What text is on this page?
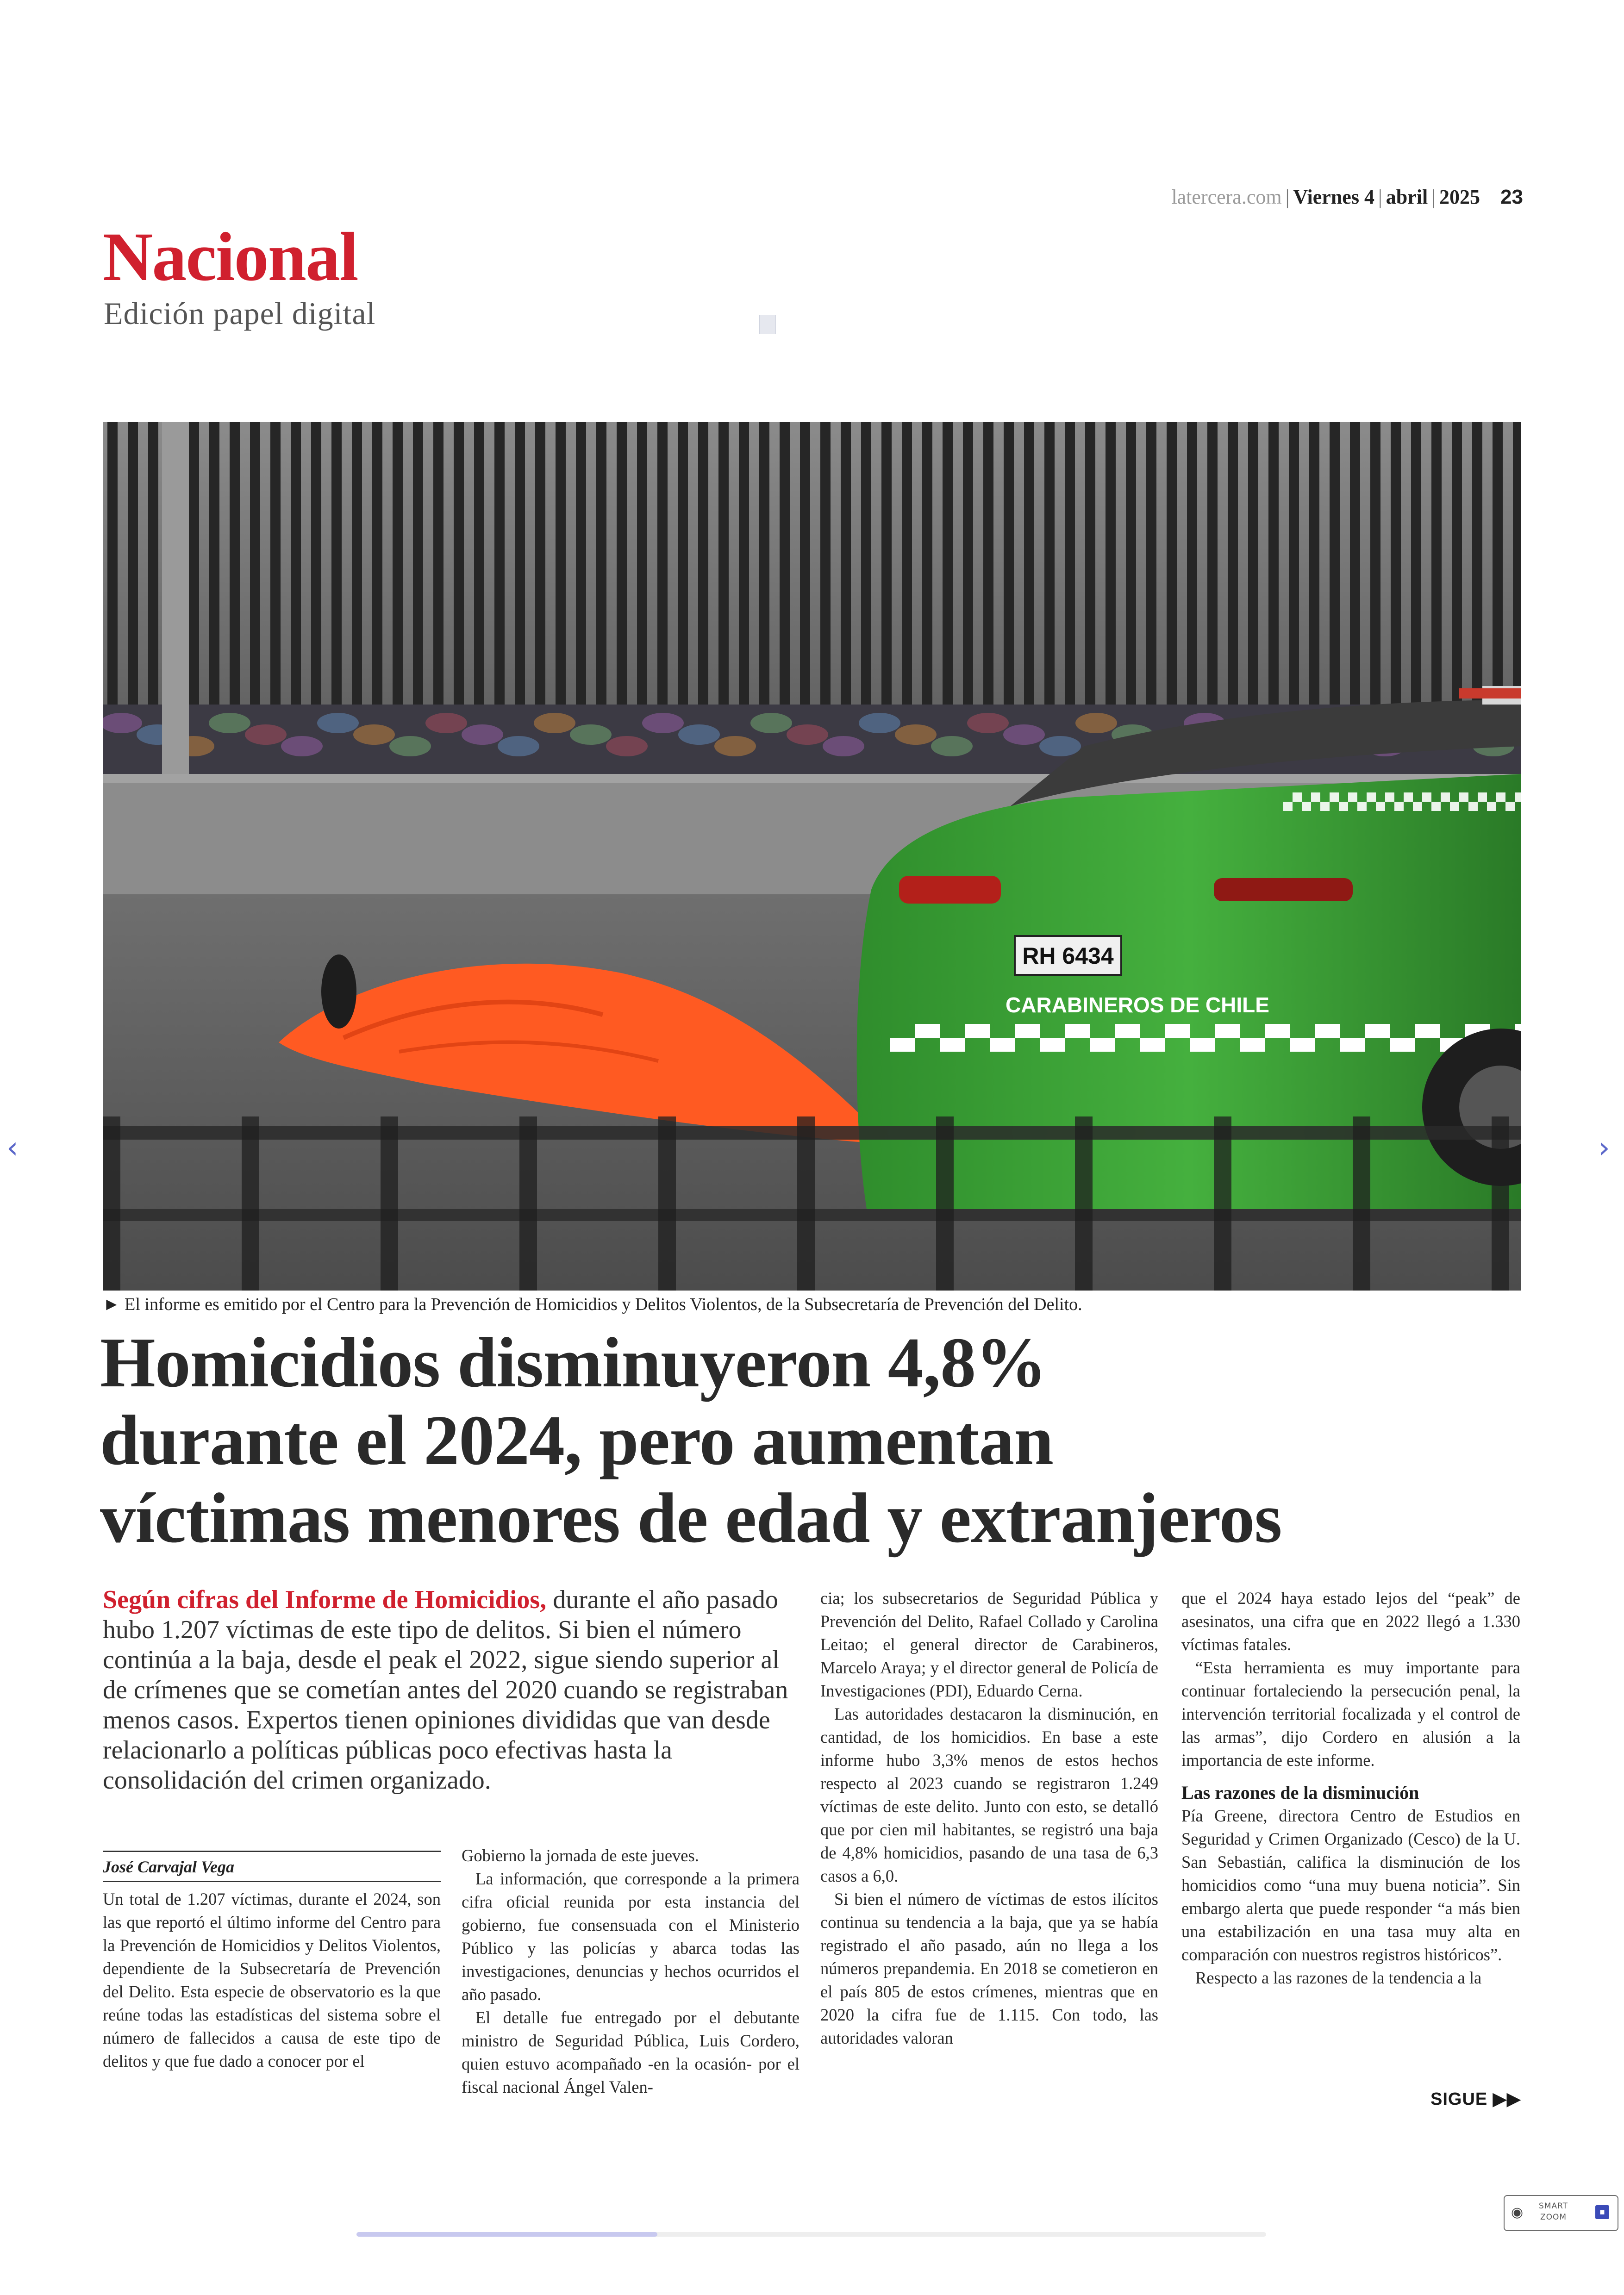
latercera.com | Viernes 4 | abril | 2025 23
Nacional
Edición papel digital
RH 6434
CARABINEROS DE CHILE
► El informe es emitido por el Centro para la Prevención de Homicidios y Delitos Violentos, de la Subsecretaría de Prevención del Delito.
Homicidios disminuyeron 4,8%
durante el 2024, pero aumentan
víctimas menores de edad y extranjeros
Según cifras del Informe de Homicidios, durante el año pasado hubo 1.207 víctimas de este tipo de delitos. Si bien el número continúa a la baja, desde el peak el 2022, sigue siendo superior al de crímenes que se cometían antes del 2020 cuando se registraban menos casos. Expertos tienen opiniones divididas que van desde relacionarlo a políticas públicas poco efectivas hasta la consolidación del crimen organizado.
José Carvajal Vega

Un total de 1.207 víctimas, durante el 2024, son las que reportó el último informe del Centro para la Prevención de Homicidios y Delitos Violentos, dependiente de la Subsecretaría de Prevención del Delito. Esta especie de observatorio es la que reúne todas las estadísticas del sistema sobre el número de fallecidos a causa de este tipo de delitos y que fue dado a conocer por el

Gobierno la jornada de este jueves.

La información, que corresponde a la primera cifra oficial reunida por esta instancia del gobierno, fue consensuada con el Ministerio Público y las policías y abarca todas las investigaciones, denuncias y hechos ocurridos el año pasado.

El detalle fue entregado por el debutante ministro de Seguridad Pública, Luis Cordero, quien estuvo acompañado -en la ocasión- por el fiscal nacional Ángel Valen-

cia; los subsecretarios de Seguridad Pública y Prevención del Delito, Rafael Collado y Carolina Leitao; el general director de Carabineros, Marcelo Araya; y el director general de Policía de Investigaciones (PDI), Eduardo Cerna.

Las autoridades destacaron la disminución, en cantidad, de los homicidios. En base a este informe hubo 3,3% menos de estos hechos respecto al 2023 cuando se registraron 1.249 víctimas de este delito. Junto con esto, se detalló que por cien mil habitantes, se registró una baja de 4,8% homicidios, pasando de una tasa de 6,3 casos a 6,0.

Si bien el número de víctimas de estos ilícitos continua su tendencia a la baja, que ya se había registrado el año pasado, aún no llega a los números prepandemia. En 2018 se cometieron en el país 805 de estos crímenes, mientras que en 2020 la cifra fue de 1.115. Con todo, las autoridades valoran

que el 2024 haya estado lejos del “peak” de asesinatos, una cifra que en 2022 llegó a 1.330 víctimas fatales.

“Esta herramienta es muy importante para continuar fortaleciendo la persecución penal, la intervención territorial focalizada y el control de las armas”, dijo Cordero en alusión a la importancia de este informe.

Las razones de la disminución

Pía Greene, directora Centro de Estudios en Seguridad y Crimen Organizado (Cesco) de la U. San Sebastián, califica la disminución de los homicidios como “una muy buena noticia”. Sin embargo alerta que puede responder “a más bien una estabilización en una tasa muy alta en comparación con nuestros registros históricos”.

Respecto a las razones de la tendencia a la

SIGUE ▶▶
‹	›
◉ SMART
ZOOM
▪
